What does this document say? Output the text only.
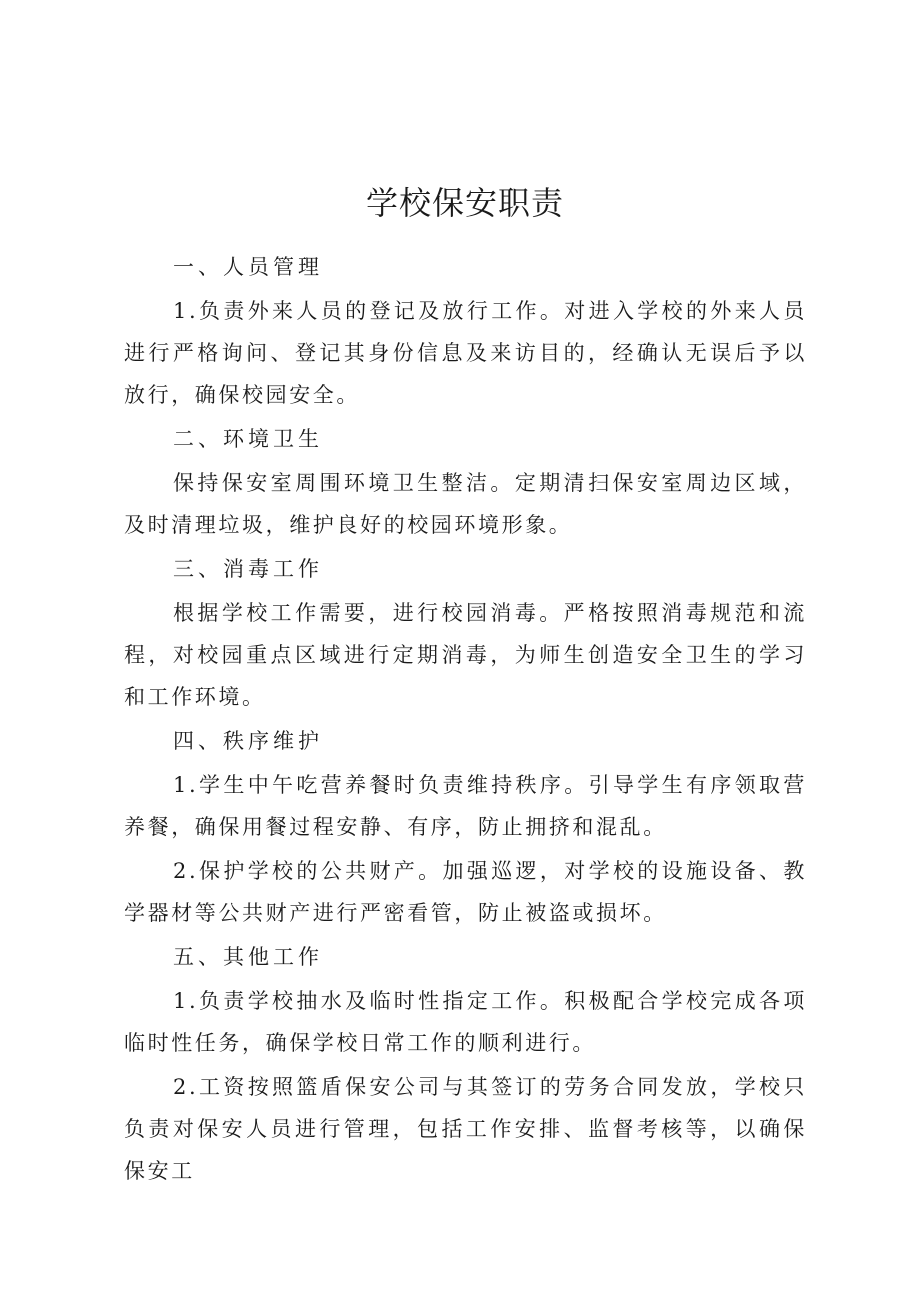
学校保安职责

一、人员管理

1.负责外来人员的登记及放行工作。对进入学校的外来人员进行严格询问、登记其身份信息及来访目的，经确认无误后予以放行，确保校园安全。

二、环境卫生

保持保安室周围环境卫生整洁。定期清扫保安室周边区域，及时清理垃圾，维护良好的校园环境形象。

三、消毒工作

根据学校工作需要，进行校园消毒。严格按照消毒规范和流程，对校园重点区域进行定期消毒，为师生创造安全卫生的学习和工作环境。

四、秩序维护

1.学生中午吃营养餐时负责维持秩序。引导学生有序领取营养餐，确保用餐过程安静、有序，防止拥挤和混乱。

2.保护学校的公共财产。加强巡逻，对学校的设施设备、教学器材等公共财产进行严密看管，防止被盗或损坏。

五、其他工作

1.负责学校抽水及临时性指定工作。积极配合学校完成各项临时性任务，确保学校日常工作的顺利进行。

2.工资按照篮盾保安公司与其签订的劳务合同发放，学校只负责对保安人员进行管理，包括工作安排、监督考核等，以确保保安工
